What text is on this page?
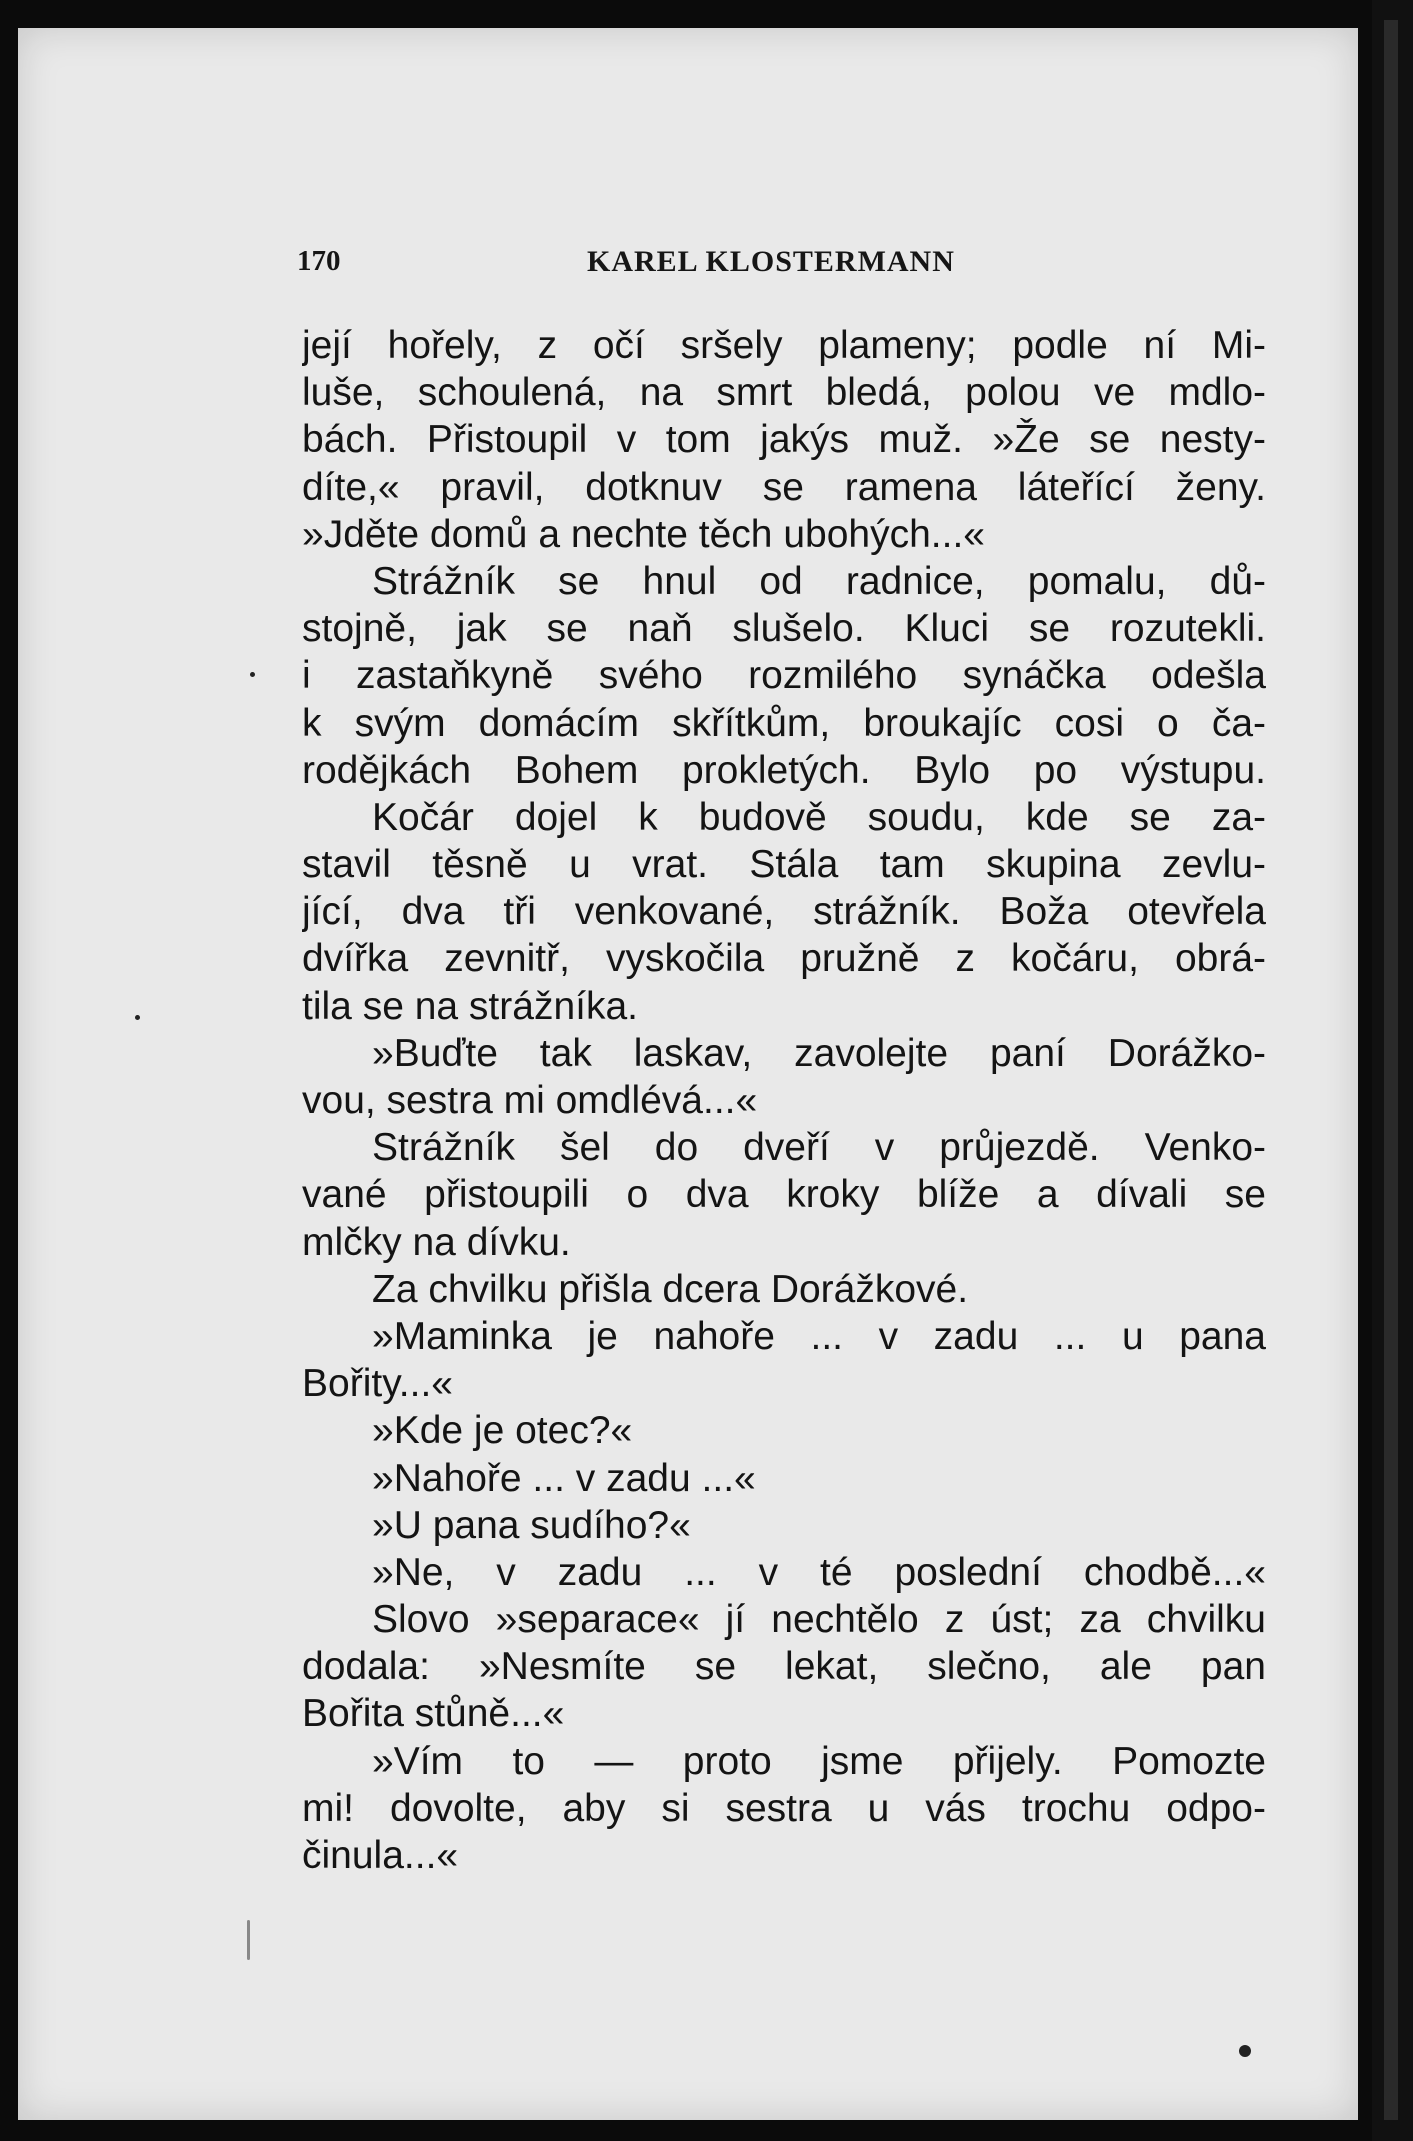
170	KAREL KLOSTERMANN
její hořely, z očí sršely plameny; podle ní Mi-
luše, schoulená, na smrt bledá, polou ve mdlo-
bách. Přistoupil v tom jakýs muž. »Že se nesty-
díte,« pravil, dotknuv se ramena láteřící ženy.
»Jděte domů a nechte těch ubohých...«
Strážník se hnul od radnice, pomalu, dů-
stojně, jak se naň slušelo. Kluci se rozutekli.
i zastaňkyně svého rozmilého synáčka odešla
k svým domácím skřítkům, broukajíc cosi o ča-
rodějkách Bohem prokletých. Bylo po výstupu.
Kočár dojel k budově soudu, kde se za-
stavil těsně u vrat. Stála tam skupina zevlu-
jící, dva tři venkované, strážník. Boža otevřela
dvířka zevnitř, vyskočila pružně z kočáru, obrá-
tila se na strážníka.
»Buďte tak laskav, zavolejte paní Dorážko-
vou, sestra mi omdlévá...«
Strážník šel do dveří v průjezdě. Venko-
vané přistoupili o dva kroky blíže a dívali se
mlčky na dívku.
Za chvilku přišla dcera Dorážkové.
»Maminka je nahoře ... v zadu ... u pana
Bořity...«
»Kde je otec?«
»Nahoře ... v zadu ...«
»U pana sudího?«
»Ne, v zadu ... v té poslední chodbě...«
Slovo »separace« jí nechtělo z úst; za chvilku
dodala: »Nesmíte se lekat, slečno, ale pan
Bořita stůně...«
»Vím to — proto jsme přijely. Pomozte
mi! dovolte, aby si sestra u vás trochu odpo-
činula...«
